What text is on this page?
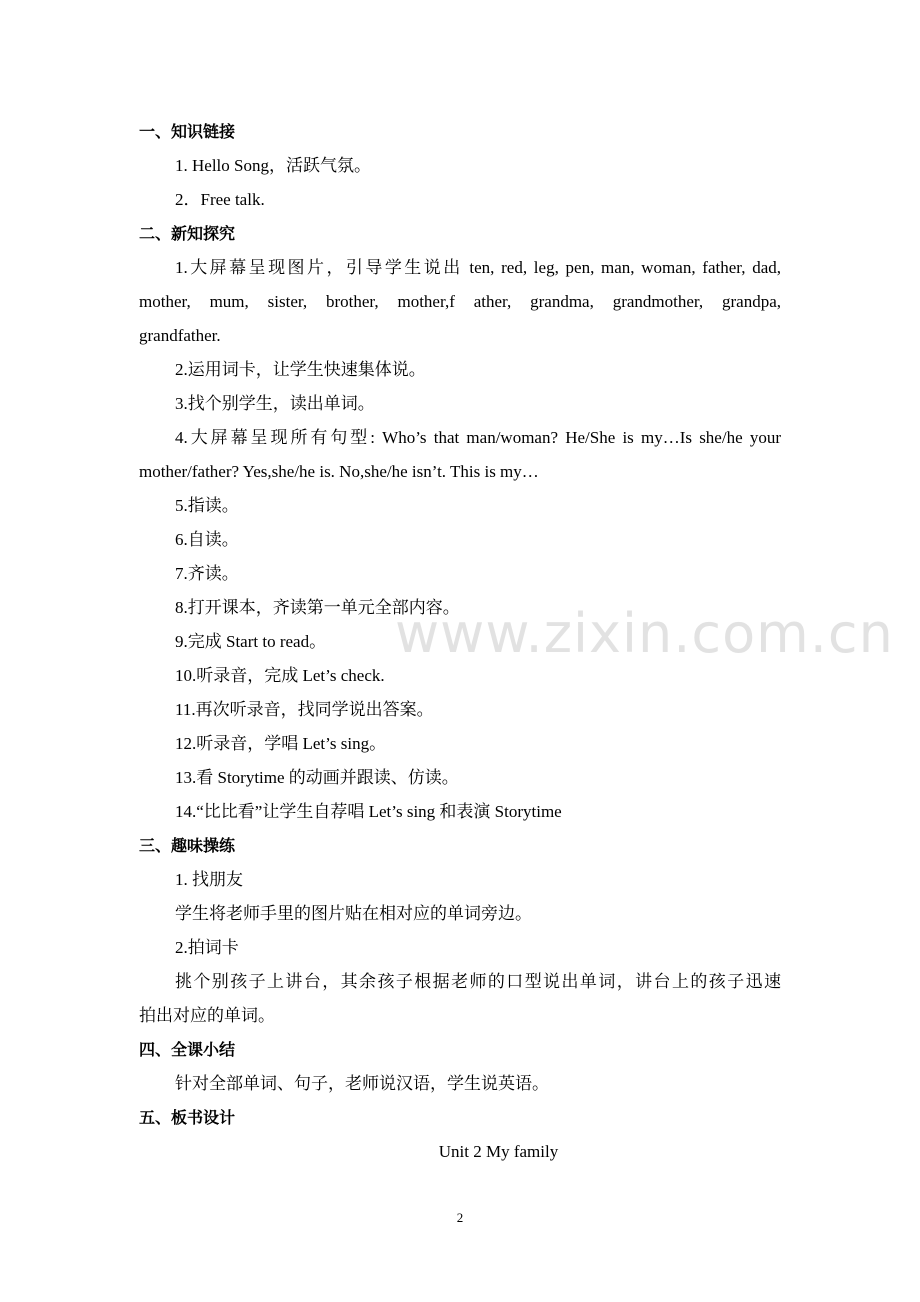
一、知识链接
1. Hello Song，活跃气氛。
2．Free talk.
二、新知探究
1.大屏幕呈现图片，引导学生说出 ten, red, leg, pen, man, woman, father, dad,
mother, mum, sister, brother, mother,f ather, grandma, grandmother, grandpa,
grandfather.
2.运用词卡，让学生快速集体说。
3.找个别学生，读出单词。
4.大屏幕呈现所有句型: Who’s that man/woman? He/She is my…Is she/he your
mother/father? Yes,she/he is. No,she/he isn’t. This is my…
5.指读。
6.自读。
7.齐读。
8.打开课本，齐读第一单元全部内容。
9.完成 Start to read。
10.听录音，完成 Let’s check.
11.再次听录音，找同学说出答案。
12.听录音，学唱 Let’s sing。
13.看 Storytime 的动画并跟读、仿读。
14.“比比看”让学生自荐唱 Let’s sing 和表演 Storytime
三、趣味操练
1. 找朋友
学生将老师手里的图片贴在相对应的单词旁边。
2.拍词卡
挑个别孩子上讲台，其余孩子根据老师的口型说出单词，讲台上的孩子迅速
拍出对应的单词。
四、全课小结
针对全部单词、句子，老师说汉语，学生说英语。
五、板书设计
Unit 2 My family
2
www.zixin.com.cn
